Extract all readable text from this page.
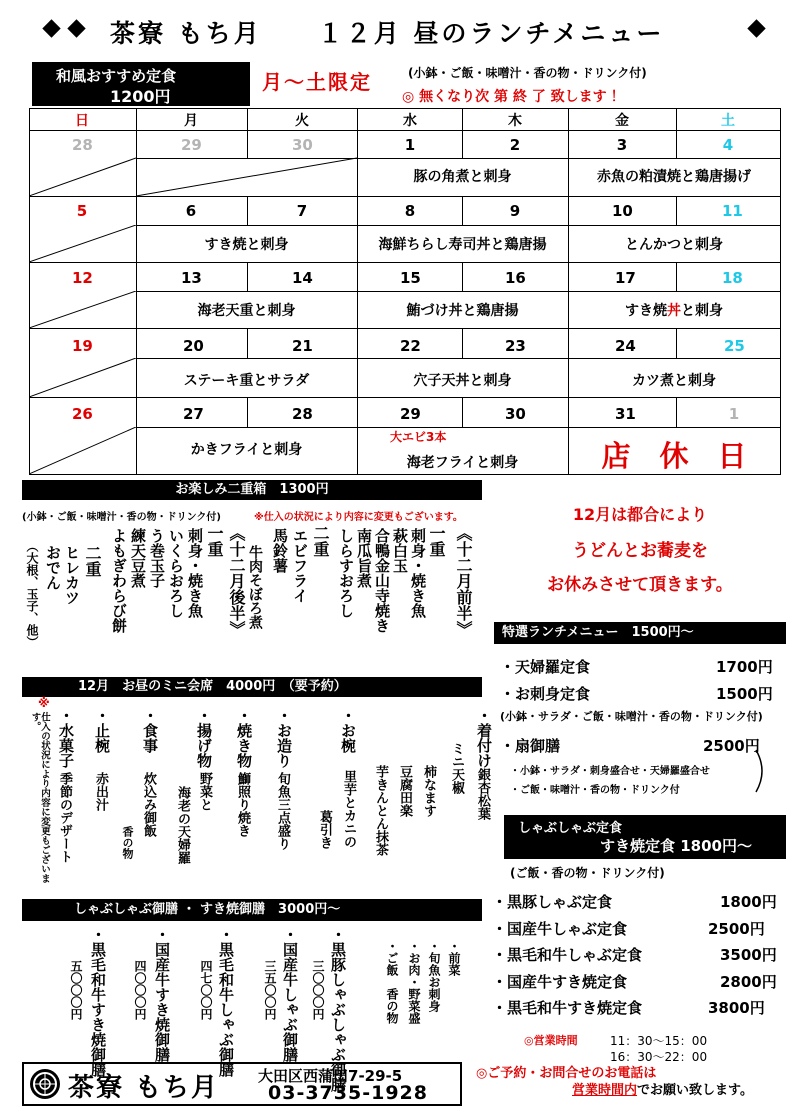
茶寮 もち月　　１２月 昼のランチメニュー
和風おすすめ定食
1200円
月～土限定	(小鉢・ご飯・味噌汁・香の物・ドリンク付)
◎ 無くなり次 第 終 了 致します ！
日	月	火	水	木	金	土
28	29	30	1	2	3	4
豚の角煮と刺身	赤魚の粕漬焼と鶏唐揚げ
5	6	7	8	9	10	11
すき焼と刺身	海鮮ちらし寿司丼と鶏唐揚	とんかつと刺身
12	13	14	15	16	17	18
海老天重と刺身	鮪づけ丼と鶏唐揚	すき焼丼と刺身
19	20	21	22	23	24	25
ステーキ重とサラダ	穴子天丼と刺身	カツ煮と刺身
26	27	28	29	30	31	1
かきフライと刺身
大エビ3本
海老フライと刺身	店　休　日
お楽しみ二重箱　1300円
(小鉢・ご飯・味噌汁・香の物・ドリンク付)	※仕入の状況により内容に変更もございます。
《十二月前半》
一重
刺身・焼き魚
萩白玉
合鴨金山寺焼き
南瓜旨煮
しらすおろし
二重
エビフライ
馬鈴薯
牛肉そぼろ煮
《十二月後半》
一重
刺身・焼き魚
いくらおろし
う巻玉子
練天豆煮
よもぎわらび餅
二重
ヒレカツ
おでん
（大根、玉子、他）
12月は都合により
うどんとお蕎麦を
お休みさせて頂きます。
特選ランチメニュー　1500円～
・天婦羅定食	1700円
・お刺身定食	1500円
(小鉢・サラダ・ご飯・味噌汁・香の物・ドリンク付)
・扇御膳	2500円
・小鉢・サラダ・刺身盛合せ・天婦羅盛合せ
・ご飯・味噌汁・香の物・ドリンク付
12月　お昼のミニ会席　4000円　（要予約）
・着付け
ミニ天椒 銀杏松葉
柿なます
豆腐田楽
芋きんとん抹茶
・お椀
里芋とカニの
葛引き
・お造り
旬魚三点盛り
・焼き物
鰤照り焼き
・揚げ物
野菜と
海老の天婦羅
・食事
炊込み御飯
香の物
・止椀
赤出汁
・水菓子
季節のデザート
※
仕入の状況により内容に変更もございます。
しゃぶしゃぶ定食
すき焼定食 1800円～
(ご飯・香の物・ドリンク付)
・黒豚しゃぶ定食	1800円
・国産牛しゃぶ定食	2500円
・黒毛和牛しゃぶ定食	3500円
・国産牛すき焼定食	2800円
・黒毛和牛すき焼定食	3800円
しゃぶしゃぶ御膳 ・ すき焼御膳　3000円～
・前菜
・旬魚お刺身
・お肉・野菜盛
・ご飯　香の物
・黒豚しゃぶしゃぶ御膳
三〇〇〇円
・国産牛しゃぶ御膳
三五〇〇円
・黒毛和牛しゃぶ御膳
四七〇〇円
・国産牛すき焼御膳
四〇〇〇円
・黒毛和牛すき焼御膳
五〇〇〇円
◎営業時間	11：30～15：00
16：30～22：00
茶寮 もち月	大田区西蒲田7-29-5
03-3735-1928
◎ご予約・お問合せのお電話は
営業時間内でお願い致します。
